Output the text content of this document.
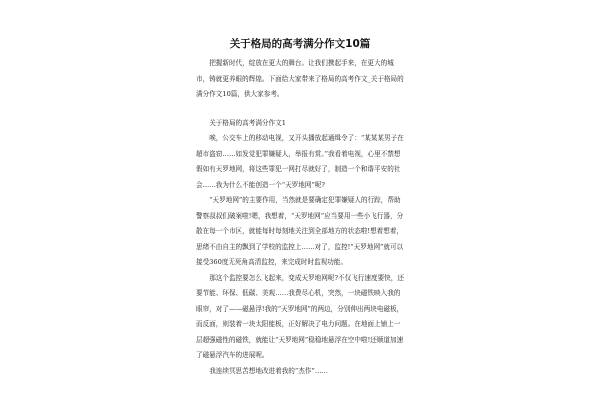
关于格局的高考满分作文10篇

把握新时代，绽放在更大的舞台。让我们携起手来，在更大的城市，铸就更养眼的辉煌。下面给大家带来了格局的高考作文_关于格局的满分作文10篇，供大家参考。

关于格局的高考满分作文1

唉，公交车上的移动电视，又开头播放起通缉令了：“某某某男子在超市盗窃……如发觉犯罪嫌疑人，举报有赏。”我看着电视，心里不禁想 假如有天罗地网，将这些罪犯一网打尽就好了，制造一个和谐平安的社会……我为什么不能创造一个“天罗地网”呢?

“天罗地网”的主要作用，当然就是要确定犯罪嫌疑人的行踪，帮助警察叔叔们破案啦!嗯，我想着，“天罗地网”应当要用一些小飞行器，分散在每一个市区，就能每时每刻地关注到全部地方的状态啦!想着想着，思绪不由自主的飘到了学校的监控上……对了，监控!“天罗地网”就可以接受360度无死角高清监控，来完成时时监视功能。

那这个监控要怎么飞起来，变成天罗地网呢?不仅飞行速度要快，还要节能、环保、低碳、美观……我费尽心机，突然，一块磁铁映入我的眼帘，对了——磁悬浮!我的“天罗地网”的两边，分别伸出两块电磁板，而反面，则装着一块太阳能板，正好解决了电力问题。在地面上铺上一层超强磁性的磁铁，就能让“天罗地网”稳稳地悬浮在空中啦!还顺道加速了磁悬浮汽车的进展呢。

我连续冥思苦想地改进着我的“杰作”……
